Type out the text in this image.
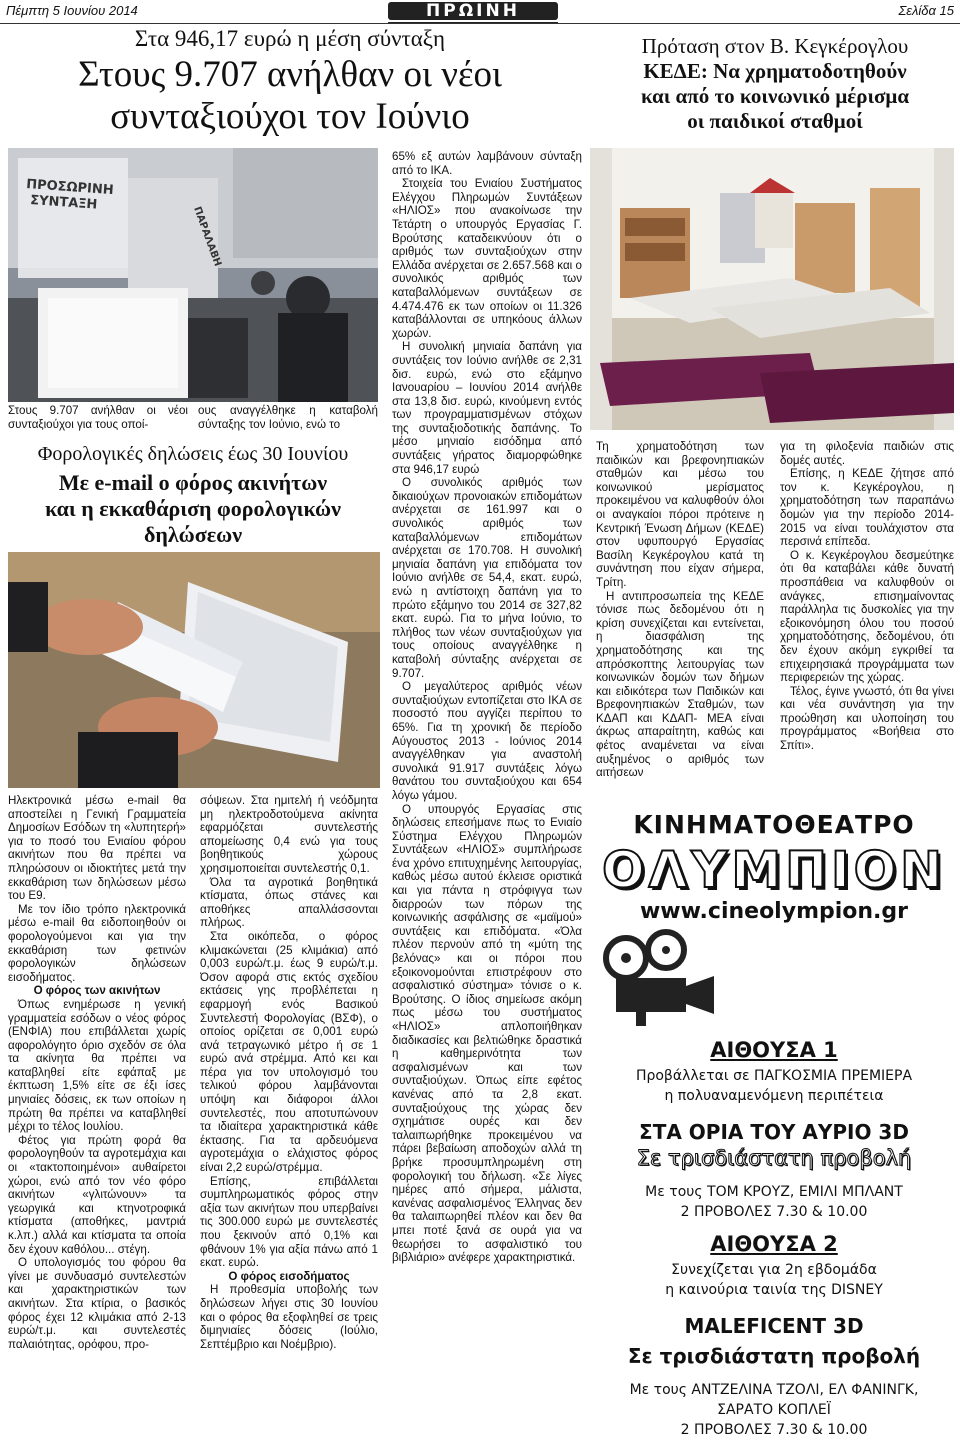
Πέμπτη 5 Ιουνίου 2014	ΠΡΩΙΝΗ	Σελίδα 15
Στα 946,17 ευρώ η μέση σύνταξη
Στους 9.707 ανήλθαν οι νέοι
συνταξιούχοι τον Ιούνιο
ΠΡΟΣΩΡΙΝΗ
ΣΥΝΤΑΞΗ
ΠΑΡΑΛΑΒΗ
Στους 9.707 ανήλθαν οι νέοι συνταξιούχοι για τους οποί-
ους αναγγέλθηκε η καταβολή σύνταξης τον Ιούνιο, ενώ το

65% εξ αυτών λαμβάνουν σύνταξη από το ΙΚΑ.

Στοιχεία του Ενιαίου Συστήματος Ελέγχου Πληρωμών Συντάξεων «ΗΛΙΟΣ» που ανακοίνωσε την Τετάρτη ο υπουργός Εργασίας Γ. Βρούτσης καταδεικνύουν ότι ο αριθμός των συνταξιούχων στην Ελλάδα ανέρχεται σε 2.657.568 και ο συνολικός αριθμός των καταβαλλόμενων συντάξεων σε 4.474.476 εκ των οποίων οι 11.326 καταβάλλονται σε υπηκόους άλλων χωρών.

Η συνολική μηνιαία δαπάνη για συντάξεις τον Ιούνιο ανήλθε σε 2,31 δισ. ευρώ, ενώ στο εξάμηνο Ιανουαρίου – Ιουνίου 2014 ανήλθε στα 13,8 δισ. ευρώ, κινούμενη εντός των προγραμματισμένων στόχων της συνταξιοδοτικής δαπάνης. Το μέσο μηνιαίο εισόδημα από συντάξεις γήρατος διαμορφώθηκε στα 946,17 ευρώ

Ο συνολικός αριθμός των δικαιούχων προνοιακών επιδομάτων ανέρχεται σε 161.997 και ο συνολικός αριθμός των καταβαλλόμενων επιδομάτων ανέρχεται σε 170.708. Η συνολική μηνιαία δαπάνη για επιδόματα τον Ιούνιο ανήλθε σε 54,4, εκατ. ευρώ, ενώ η αντίστοιχη δαπάνη για το πρώτο εξάμηνο του 2014 σε 327,82 εκατ. ευρώ. Για το μήνα Ιούνιο, το πλήθος των νέων συνταξιούχων για τους οποίους αναγγέλθηκε η καταβολή σύνταξης ανέρχεται σε 9.707.

Ο μεγαλύτερος αριθμός νέων συνταξιούχων εντοπίζεται στο ΙΚΑ σε ποσοστό που αγγίζει περίπου το 65%. Για τη χρονική δε περίοδο Αύγουστος 2013 - Ιούνιος 2014 αναγγέλθηκαν για αναστολή συνολικά 91.917 συντάξεις λόγω θανάτου του συνταξιούχου και 654 λόγω γάμου.

Ο υπουργός Εργασίας στις δηλώσεις επεσήμανε πως το Ενιαίο Σύστημα Ελέγχου Πληρωμών Συντάξεων «ΗΛΙΟΣ» συμπλήρωσε ένα χρόνο επιτυχημένης λειτουργίας, καθώς μέσω αυτού έκλεισε οριστικά και για πάντα η στρόφιγγα των διαρροών των πόρων της κοινωνικής ασφάλισης σε «μαϊμού» συντάξεις και επιδόματα. «Όλα πλέον περνούν από τη «μύτη της βελόνας» και οι πόροι που εξοικονομούνται επιστρέφουν στο ασφαλιστικό σύστημα» τόνισε ο κ. Βρούτσης. Ο ίδιος σημείωσε ακόμη πως μέσω του συστήματος «ΗΛΙΟΣ» απλοποιήθηκαν διαδικασίες και βελτιώθηκε δραστικά η καθημερινότητα των ασφαλισμένων και των συνταξιούχων. Όπως είπε εφέτος κανένας από τα 2,8 εκατ. συνταξιούχους της χώρας δεν σχημάτισε ουρές και δεν ταλαιπωρήθηκε προκειμένου να πάρει βεβαίωση αποδοχών αλλά τη βρήκε προσυμπληρωμένη στη φορολογική του δήλωση. «Σε λίγες ημέρες από σήμερα, μάλιστα, κανένας ασφαλισμένος Έλληνας δεν θα ταλαιπωρηθεί πλέον και δεν θα μπει ποτέ ξανά σε ουρά για να θεωρήσει το ασφαλιστικό του βιβλιάριο» ανέφερε χαρακτηριστικά.

Φορολογικές δηλώσεις έως 30 Ιουνίου
Με e-mail ο φόρος ακινήτων
και η εκκαθάριση φορολογικών
δηλώσεων

Ηλεκτρονικά μέσω e-mail θα αποστείλει η Γενική Γραμματεία Δημοσίων Εσόδων τη «λυπητερή» για το ποσό του Ενιαίου φόρου ακινήτων που θα πρέπει να πληρώσουν οι ιδιοκτήτες μετά την εκκαθάριση των δηλώσεων μέσω του Ε9.

Με τον ίδιο τρόπο ηλεκτρονικά μέσω e-mail θα ειδοποιηθούν οι φορολογούμενοι και για την εκκαθάριση των φετινών φορολογικών δηλώσεων εισοδήματος.

Ο φόρος των ακινήτων

Όπως ενημέρωσε η γενική γραμματεία εσόδων ο νέος φόρος (ΕΝΦΙΑ) που επιβάλλεται χωρίς αφορολόγητο όριο σχεδόν σε όλα τα ακίνητα θα πρέπει να καταβληθεί είτε εφάπαξ με έκπτωση 1,5% είτε σε έξι ίσες μηνιαίες δόσεις, εκ των οποίων η πρώτη θα πρέπει να καταβληθεί μέχρι το τέλος Ιουλίου.

Φέτος για πρώτη φορά θα φορολογηθούν τα αγροτεμάχια και οι «τακτοποιημένοι» αυθαίρετοι χώροι, ενώ από τον νέο φόρο ακινήτων «γλιτώνουν» τα γεωργικά και κτηνοτροφικά κτίσματα (αποθήκες, μαντριά κ.λπ.) αλλά και κτίσματα τα οποία δεν έχουν καθόλου... στέγη.

Ο υπολογισμός του φόρου θα γίνει με συνδυασμό συντελεστών και χαρακτηριστικών των ακινήτων. Στα κτίρια, ο βασικός φόρος έχει 12 κλιμάκια από 2-13 ευρώ/τ.μ. και συντελεστές παλαιότητας, ορόφου, προ-

σόψεων. Στα ημιτελή ή νεόδμητα μη ηλεκτροδοτούμενα ακίνητα εφαρμόζεται συντελεστής απομείωσης 0,4 ενώ για τους βοηθητικούς χώρους χρησιμοποιείται συντελεστής 0,1.

Όλα τα αγροτικά βοηθητικά κτίσματα, όπως στάνες και αποθήκες απαλλάσσονται πλήρως.

Στα οικόπεδα, ο φόρος κλιμακώνεται (25 κλιμάκια) από 0,003 ευρώ/τ.μ. έως 9 ευρώ/τ.μ. Όσον αφορά στις εκτός σχεδίου εκτάσεις γης προβλέπεται η εφαρμογή ενός Βασικού Συντελεστή Φορολογίας (ΒΣΦ), ο οποίος ορίζεται σε 0,001 ευρώ ανά τετραγωνικό μέτρο ή σε 1 ευρώ ανά στρέμμα. Από κει και πέρα για τον υπολογισμό του τελικού φόρου λαμβάνονται υπόψη και διάφοροι άλλοι συντελεστές, που αποτυπώνουν τα ιδιαίτερα χαρακτηριστικά κάθε έκτασης. Για τα αρδευόμενα αγροτεμάχια ο ελάχιστος φόρος είναι 2,2 ευρώ/στρέμμα.

Επίσης, επιβάλλεται συμπληρωματικός φόρος στην αξία των ακινήτων που υπερβαίνει τις 300.000 ευρώ με συντελεστές που ξεκινούν από 0,1% και φθάνουν 1% για αξία πάνω από 1 εκατ. ευρώ.

Ο φόρος εισοδήματος

Η προθεσμία υποβολής των δηλώσεων λήγει στις 30 Ιουνίου και ο φόρος θα εξοφληθεί σε τρεις διμηνιαίες δόσεις (Ιούλιο, Σεπτέμβριο και Νοέμβριο).

Πρόταση στον Β. Κεγκέρογλου
ΚΕΔΕ: Να χρηματοδοτηθούν
και από το κοινωνικό μέρισμα
οι παιδικοί σταθμοί

Τη χρηματοδότηση των παιδικών και βρεφονηπιακών σταθμών και μέσω του κοινωνικού μερίσματος προκειμένου να καλυφθούν όλοι οι αναγκαίοι πόροι πρότεινε η Κεντρική Ένωση Δήμων (ΚΕΔΕ) στον υφυπουργό Εργασίας Βασίλη Κεγκέρογλου κατά τη συνάντηση που είχαν σήμερα, Τρίτη.

Η αντιπροσωπεία της ΚΕΔΕ τόνισε πως δεδομένου ότι η κρίση συνεχίζεται και εντείνεται, η διασφάλιση της χρηματοδότησης και της απρόσκοπτης λειτουργίας των κοινωνικών δομών των δήμων και ειδικότερα των Παιδικών και Βρεφονηπιακών Σταθμών, των ΚΔΑΠ και ΚΔΑΠ- ΜΕΑ είναι άκρως απαραίτητη, καθώς και φέτος αναμένεται να είναι αυξημένος ο αριθμός των αιτήσεων

για τη φιλοξενία παιδιών στις δομές αυτές.

Επίσης, η ΚΕΔΕ ζήτησε από τον κ. Κεγκέρογλου, η χρηματοδότηση των παραπάνω δομών για την περίοδο 2014-2015 να είναι τουλάχιστον στα περσινά επίπεδα.

Ο κ. Κεγκέρογλου δεσμεύτηκε ότι θα καταβάλει κάθε δυνατή προσπάθεια να καλυφθούν οι ανάγκες, επισημαίνοντας παράλληλα τις δυσκολίες για την εξοικονόμηση όλου του ποσού χρηματοδότησης, δεδομένου, ότι δεν έχουν ακόμη εγκριθεί τα επιχειρησιακά προγράμματα των περιφερειών της χώρας.

Τέλος, έγινε γνωστό, ότι θα γίνει και νέα συνάντηση για την προώθηση και υλοποίηση του προγράμματος «Βοήθεια στο Σπίτι».

ΚΙΝΗΜΑΤΟΘΕΑΤΡΟ
ΟΛΥΜΠΙΟΝ
www.cineolympion.gr
ΑΙΘΟΥΣΑ 1
Προβάλλεται σε ΠΑΓΚΟΣΜΙΑ ΠΡΕΜΙΕΡΑ
η πολυαναμενόμενη περιπέτεια
ΣΤΑ ΟΡΙΑ ΤΟΥ ΑΥΡΙΟ 3D
Σε τρισδιάστατη προβολή
Με τους ΤΟΜ ΚΡΟΥΖ, ΕΜΙΛΙ ΜΠΛΑΝΤ
2 ΠΡΟΒΟΛΕΣ 7.30 & 10.00
ΑΙΘΟΥΣΑ 2
Συνεχίζεται για 2η εβδομάδα
η καινούρια ταινία της DISNEY
MALEFICENT 3D
Σε τρισδιάστατη προβολή
Με τους ΑΝΤΖΕΛΙΝΑ ΤΖΟΛΙ, ΕΛ ΦΑΝΙΝΓΚ,
ΣΑΡΑΤΟ ΚΟΠΛΕΪ
2 ΠΡΟΒΟΛΕΣ 7.30 & 10.00
